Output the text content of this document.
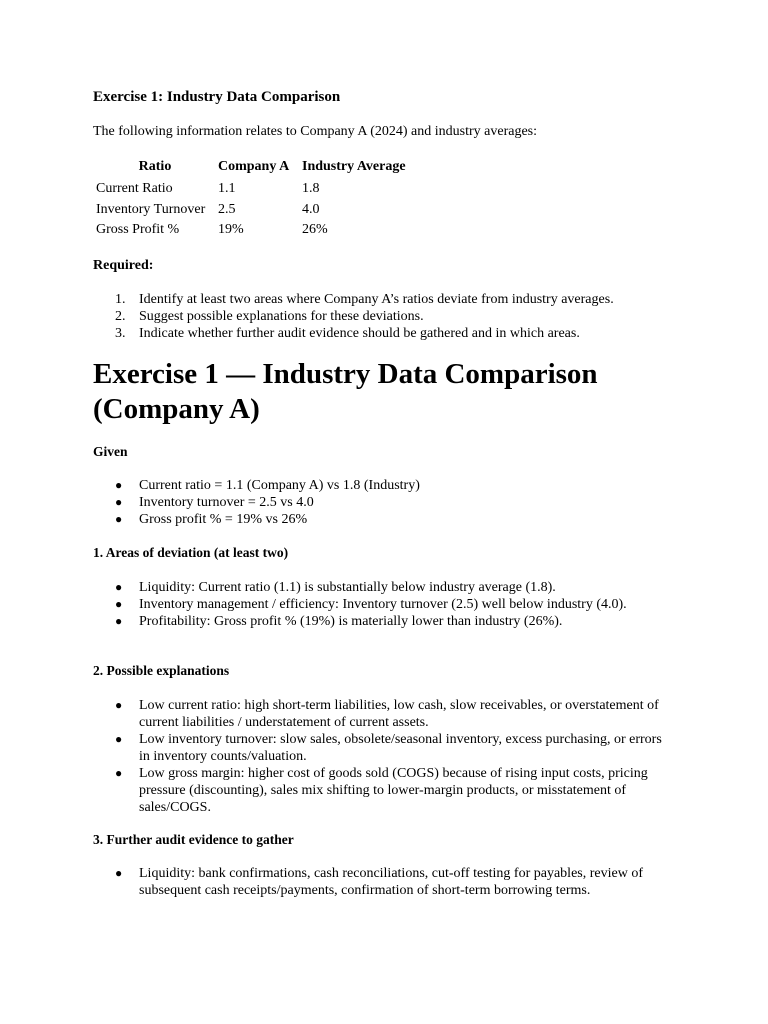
Exercise 1: Industry Data Comparison

The following information relates to Company A (2024) and industry averages:

Ratio	Company A	Industry Average
Current Ratio	1.1	1.8
Inventory Turnover	2.5	4.0
Gross Profit %	19%	26%

Required:

1. Identify at least two areas where Company A’s ratios deviate from industry averages.
2. Suggest possible explanations for these deviations.
3. Indicate whether further audit evidence should be gathered and in which areas.
Exercise 1 — Industry Data Comparison (Company A)

Given

● Current ratio = 1.1 (Company A) vs 1.8 (Industry)
● Inventory turnover = 2.5 vs 4.0
● Gross profit % = 19% vs 26%

1. Areas of deviation (at least two)

● Liquidity: Current ratio (1.1) is substantially below industry average (1.8).
● Inventory management / efficiency: Inventory turnover (2.5) well below industry (4.0).
● Profitability: Gross profit % (19%) is materially lower than industry (26%).

2. Possible explanations

● Low current ratio: high short-term liabilities, low cash, slow receivables, or overstatement of current liabilities / understatement of current assets.
● Low inventory turnover: slow sales, obsolete/seasonal inventory, excess purchasing, or errors in inventory counts/valuation.
● Low gross margin: higher cost of goods sold (COGS) because of rising input costs, pricing pressure (discounting), sales mix shifting to lower-margin products, or misstatement of sales/COGS.

3. Further audit evidence to gather

● Liquidity: bank confirmations, cash reconciliations, cut-off testing for payables, review of subsequent cash receipts/payments, confirmation of short-term borrowing terms.
